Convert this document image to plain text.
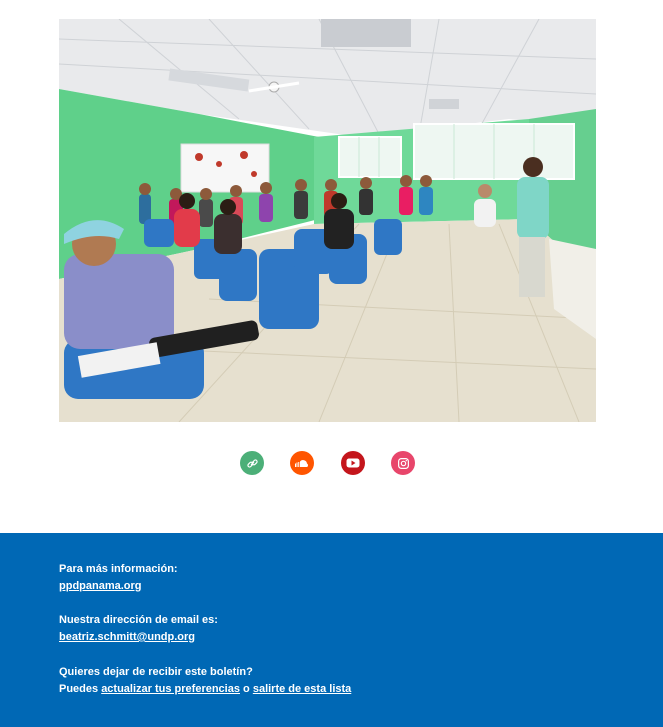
Para más información:
ppdpanama.org
Nuestra dirección de email es:
beatriz.schmitt@undp.org
Quieres dejar de recibir este boletín?
Puedes actualizar tus preferencias o salirte de esta lista
